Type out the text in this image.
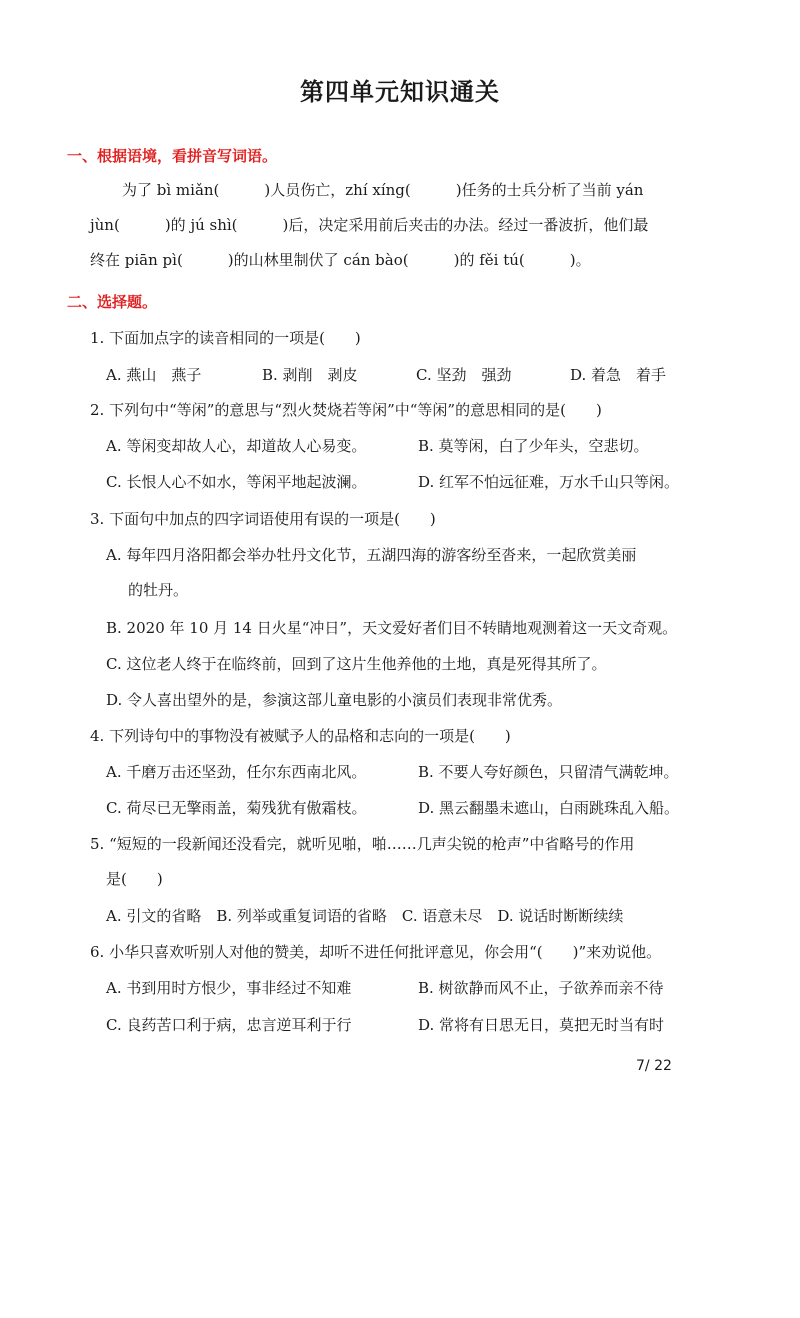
第四单元知识通关
一、根据语境，看拼音写词语。
为了 bì miǎn(　　　)人员伤亡，zhí xíng(　　　)任务的士兵分析了当前 yán
jùn(　　　)的 jú shì(　　　)后，决定采用前后夹击的办法。经过一番波折，他们最
终在 piān pì(　　　)的山林里制伏了 cán bào(　　　)的 fěi tú(　　　)。
二、选择题。
1. 下面加点字的读音相同的一项是(　　)
A. 燕山　燕子	B. 剥削　剥皮	C. 坚劲　强劲	D. 着急　着手
2. 下列句中“等闲”的意思与“烈火焚烧若等闲”中“等闲”的意思相同的是(　　)
A. 等闲变却故人心，却道故人心易变。	B. 莫等闲，白了少年头，空悲切。
C. 长恨人心不如水，等闲平地起波澜。	D. 红军不怕远征难，万水千山只等闲。
3. 下面句中加点的四字词语使用有误的一项是(　　)
A. 每年四月洛阳都会举办牡丹文化节，五湖四海的游客纷至沓来，一起欣赏美丽
的牡丹。
B. 2020 年 10 月 14 日火星“冲日”，天文爱好者们目不转睛地观测着这一天文奇观。
C. 这位老人终于在临终前，回到了这片生他养他的土地，真是死得其所了。
D. 令人喜出望外的是，参演这部儿童电影的小演员们表现非常优秀。
4. 下列诗句中的事物没有被赋予人的品格和志向的一项是(　　)
A. 千磨万击还坚劲，任尔东西南北风。	B. 不要人夸好颜色，只留清气满乾坤。
C. 荷尽已无擎雨盖，菊残犹有傲霜枝。	D. 黑云翻墨未遮山，白雨跳珠乱入船。
5. “短短的一段新闻还没看完，就听见啪，啪……几声尖锐的枪声”中省略号的作用
是(　　)
A. 引文的省略　B. 列举或重复词语的省略　C. 语意未尽　D. 说话时断断续续
6. 小华只喜欢听别人对他的赞美，却听不进任何批评意见，你会用“(　　)”来劝说他。
A. 书到用时方恨少，事非经过不知难	B. 树欲静而风不止，子欲养而亲不待
C. 良药苦口利于病，忠言逆耳利于行	D. 常将有日思无日，莫把无时当有时
7/ 22
